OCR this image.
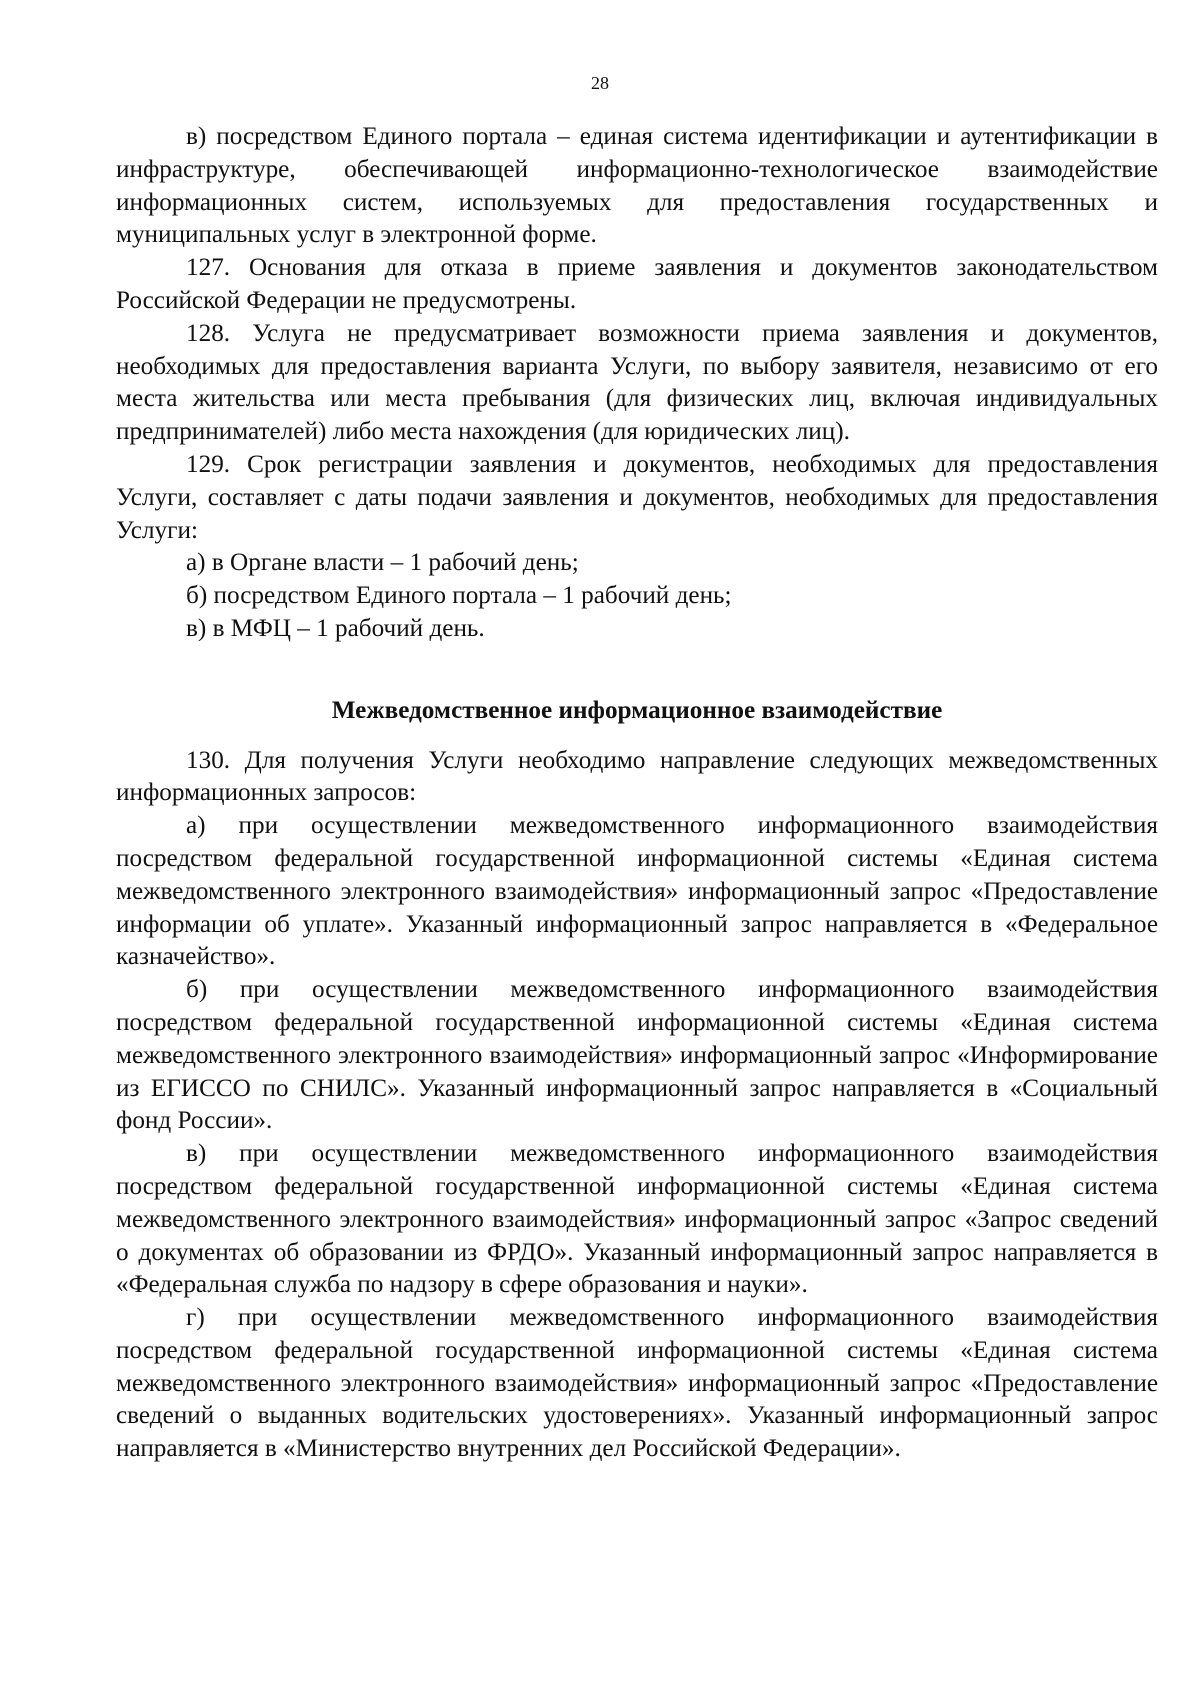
28

в) посредством Единого портала – единая система идентификации и аутентификации в инфраструктуре, обеспечивающей информационно-технологическое взаимодействие информационных систем, используемых для предоставления государственных и муниципальных услуг в электронной форме.

127. Основания для отказа в приеме заявления и документов законодательством Российской Федерации не предусмотрены.

128. Услуга не предусматривает возможности приема заявления и документов, необходимых для предоставления варианта Услуги, по выбору заявителя, независимо от его места жительства или места пребывания (для физических лиц, включая индивидуальных предпринимателей) либо места нахождения (для юридических лиц).

129. Срок регистрации заявления и документов, необходимых для предоставления Услуги, составляет с даты подачи заявления и документов, необходимых для предоставления Услуги:

а) в Органе власти – 1 рабочий день;

б) посредством Единого портала – 1 рабочий день;

в) в МФЦ – 1 рабочий день.

Межведомственное информационное взаимодействие

130. Для получения Услуги необходимо направление следующих межведомственных информационных запросов:

а) при осуществлении межведомственного информационного взаимодействия посредством федеральной государственной информационной системы «Единая система межведомственного электронного взаимодействия» информационный запрос «Предоставление информации об уплате». Указанный информационный запрос направляется в «Федеральное казначейство».

б) при осуществлении межведомственного информационного взаимодействия посредством федеральной государственной информационной системы «Единая система межведомственного электронного взаимодействия» информационный запрос «Информирование из ЕГИССО по СНИЛС». Указанный информационный запрос направляется в «Социальный фонд России».

в) при осуществлении межведомственного информационного взаимодействия посредством федеральной государственной информационной системы «Единая система межведомственного электронного взаимодействия» информационный запрос «Запрос сведений о документах об образовании из ФРДО». Указанный информационный запрос направляется в «Федеральная служба по надзору в сфере образования и науки».

г) при осуществлении межведомственного информационного взаимодействия посредством федеральной государственной информационной системы «Единая система межведомственного электронного взаимодействия» информационный запрос «Предоставление сведений о выданных водительских удостоверениях». Указанный информационный запрос направляется в «Министерство внутренних дел Российской Федерации».
